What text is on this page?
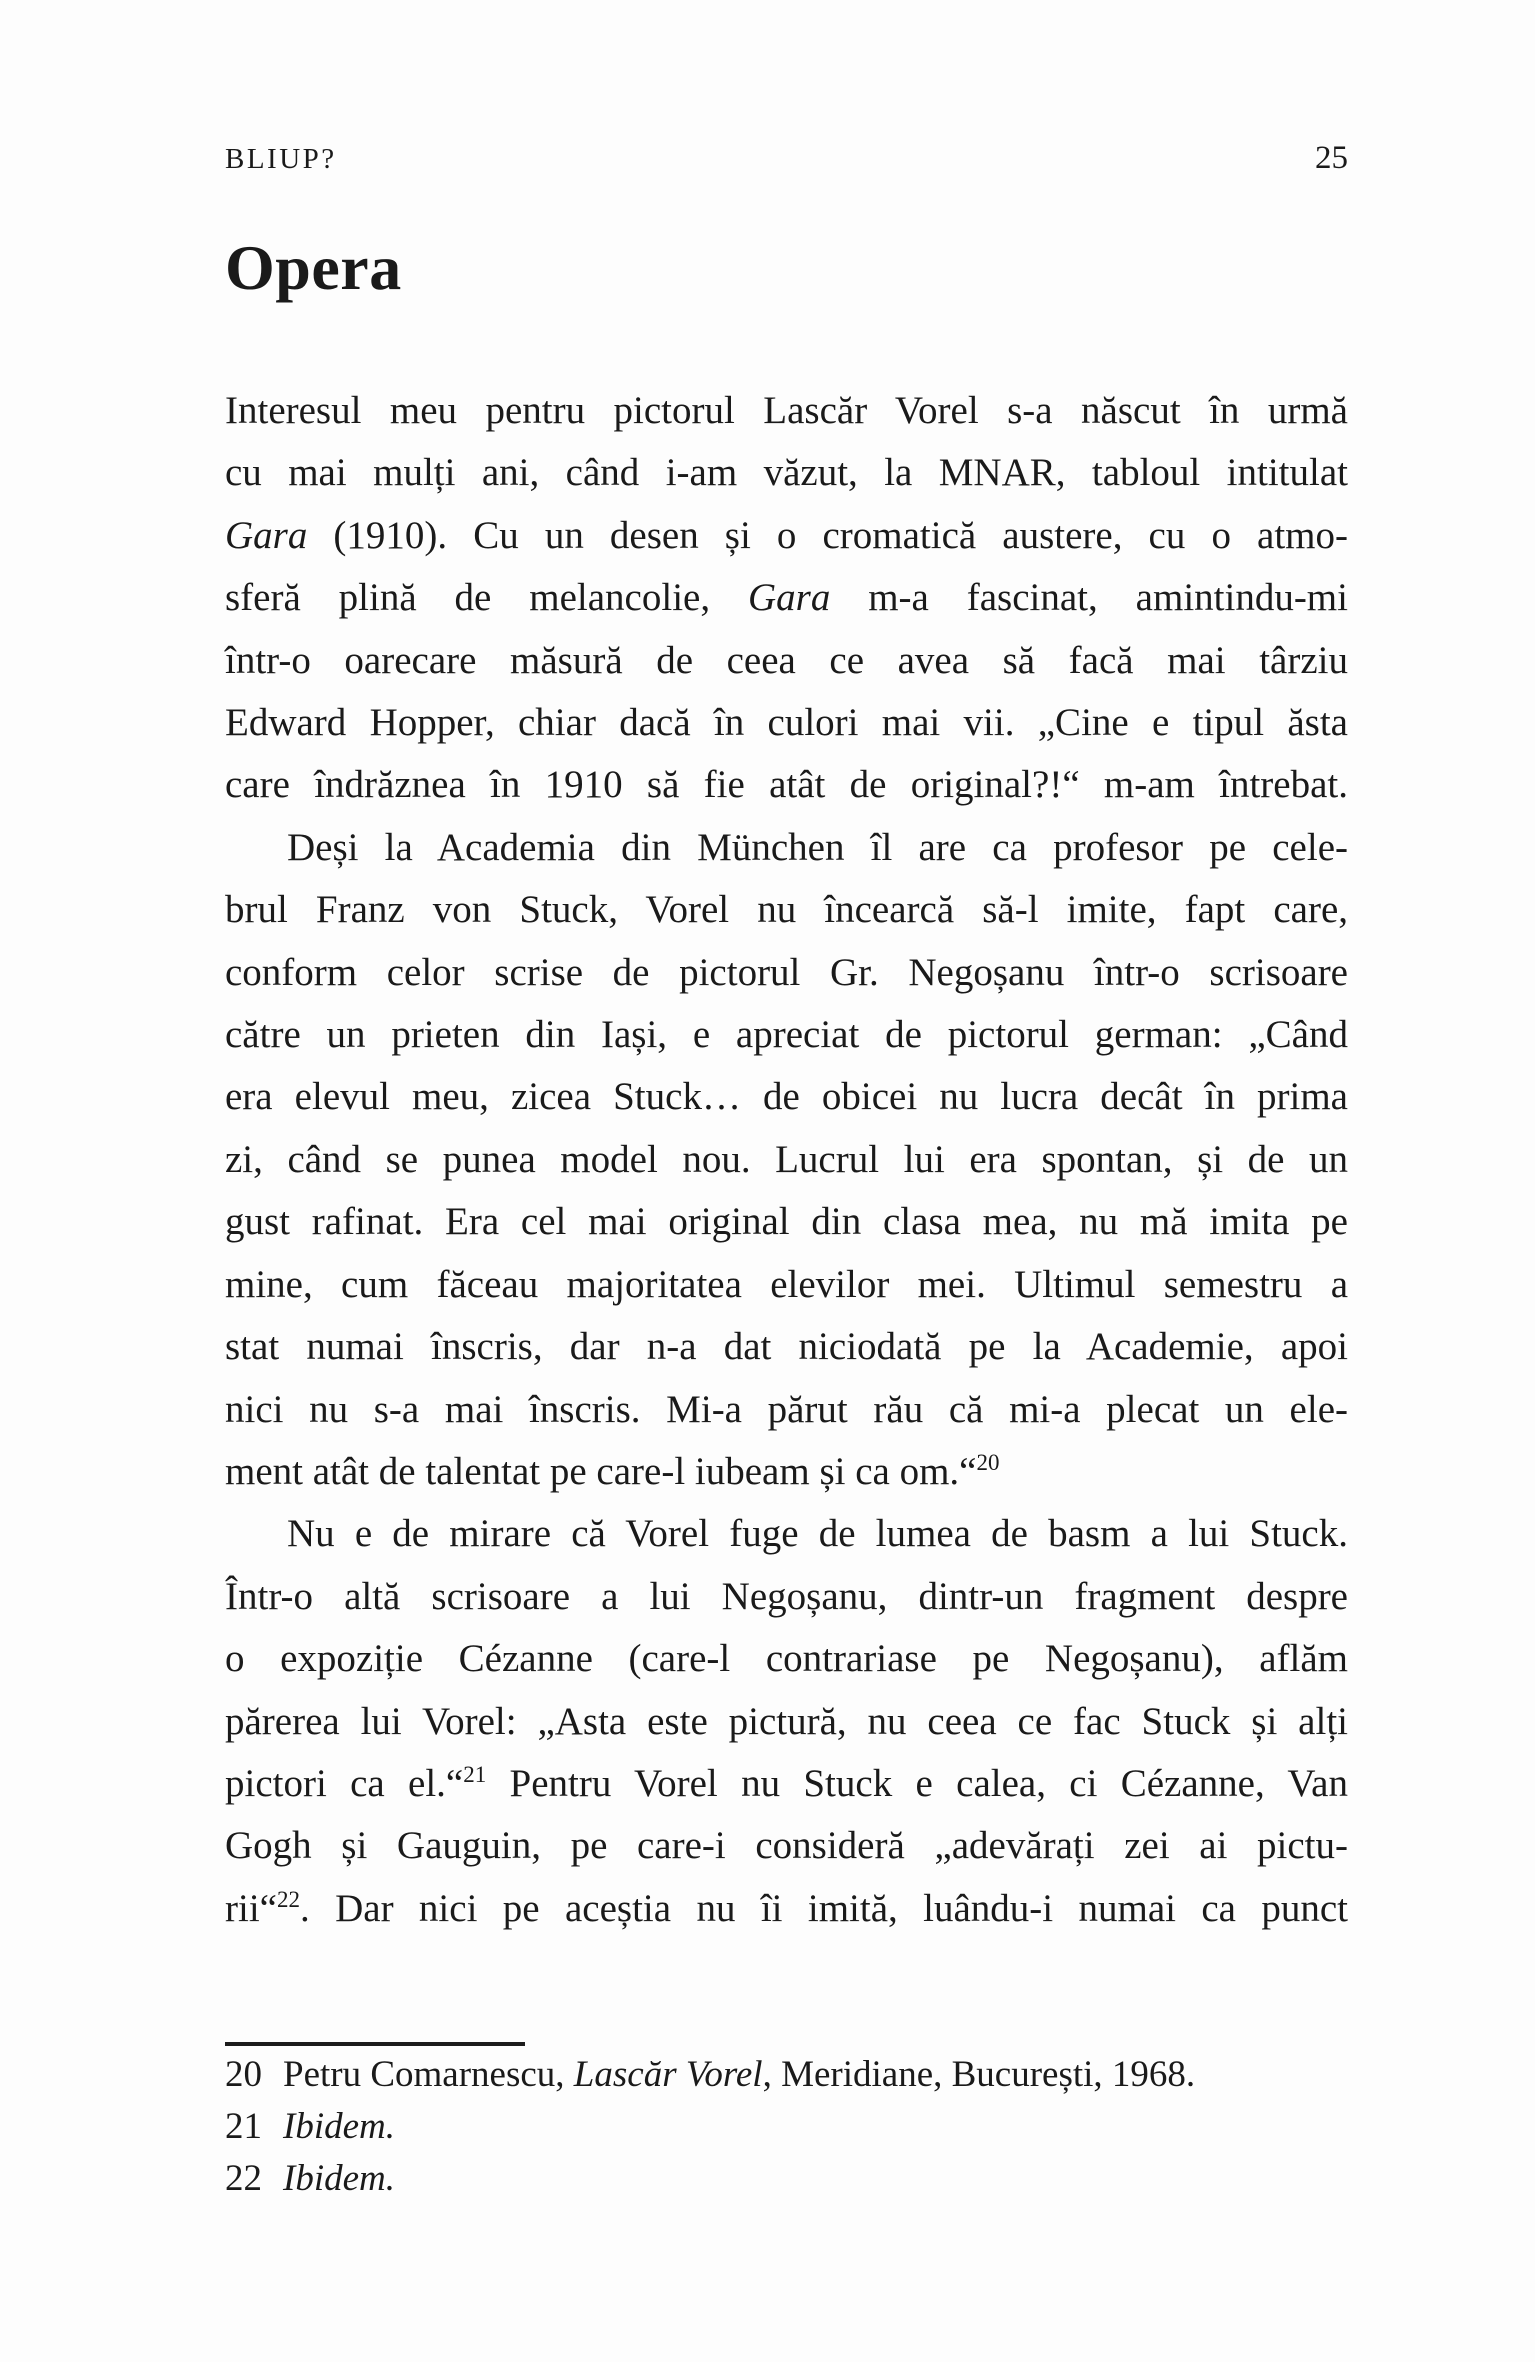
BLIUP?	25
Opera
Interesul meu pentru pictorul Lascăr Vorel s-a născut în urmă
cu mai mulți ani, când i-am văzut, la MNAR, tabloul intitulat
Gara (1910). Cu un desen și o cromatică austere, cu o atmo-
sferă plină de melancolie, Gara m-a fascinat, amintindu-mi
într-o oarecare măsură de ceea ce avea să facă mai târziu
Edward Hopper, chiar dacă în culori mai vii. „Cine e tipul ăsta
care îndrăznea în 1910 să fie atât de original?!“ m-am întrebat.
Deși la Academia din München îl are ca profesor pe cele-
brul Franz von Stuck, Vorel nu încearcă să-l imite, fapt care,
conform celor scrise de pictorul Gr. Negoșanu într-o scrisoare
către un prieten din Iași, e apreciat de pictorul german: „Când
era elevul meu, zicea Stuck… de obicei nu lucra decât în prima
zi, când se punea model nou. Lucrul lui era spontan, și de un
gust rafinat. Era cel mai original din clasa mea, nu mă imita pe
mine, cum făceau majoritatea elevilor mei. Ultimul semestru a
stat numai înscris, dar n-a dat niciodată pe la Academie, apoi
nici nu s-a mai înscris. Mi-a părut rău că mi-a plecat un ele-
ment atât de talentat pe care-l iubeam și ca om.“$^{20}$
Nu e de mirare că Vorel fuge de lumea de basm a lui Stuck.
Într-o altă scrisoare a lui Negoșanu, dintr-un fragment despre
o expoziție Cézanne (care-l contrariase pe Negoșanu), aflăm
părerea lui Vorel: „Asta este pictură, nu ceea ce fac Stuck și alți
pictori ca el.“$^{21}$ Pentru Vorel nu Stuck e calea, ci Cézanne, Van
Gogh și Gauguin, pe care-i consideră „adevărați zei ai pictu-
rii“$^{22}$. Dar nici pe aceștia nu îi imită, luându-i numai ca punct
20 Petru Comarnescu, Lascăr Vorel, Meridiane, București, 1968.
21 Ibidem.
22 Ibidem.
